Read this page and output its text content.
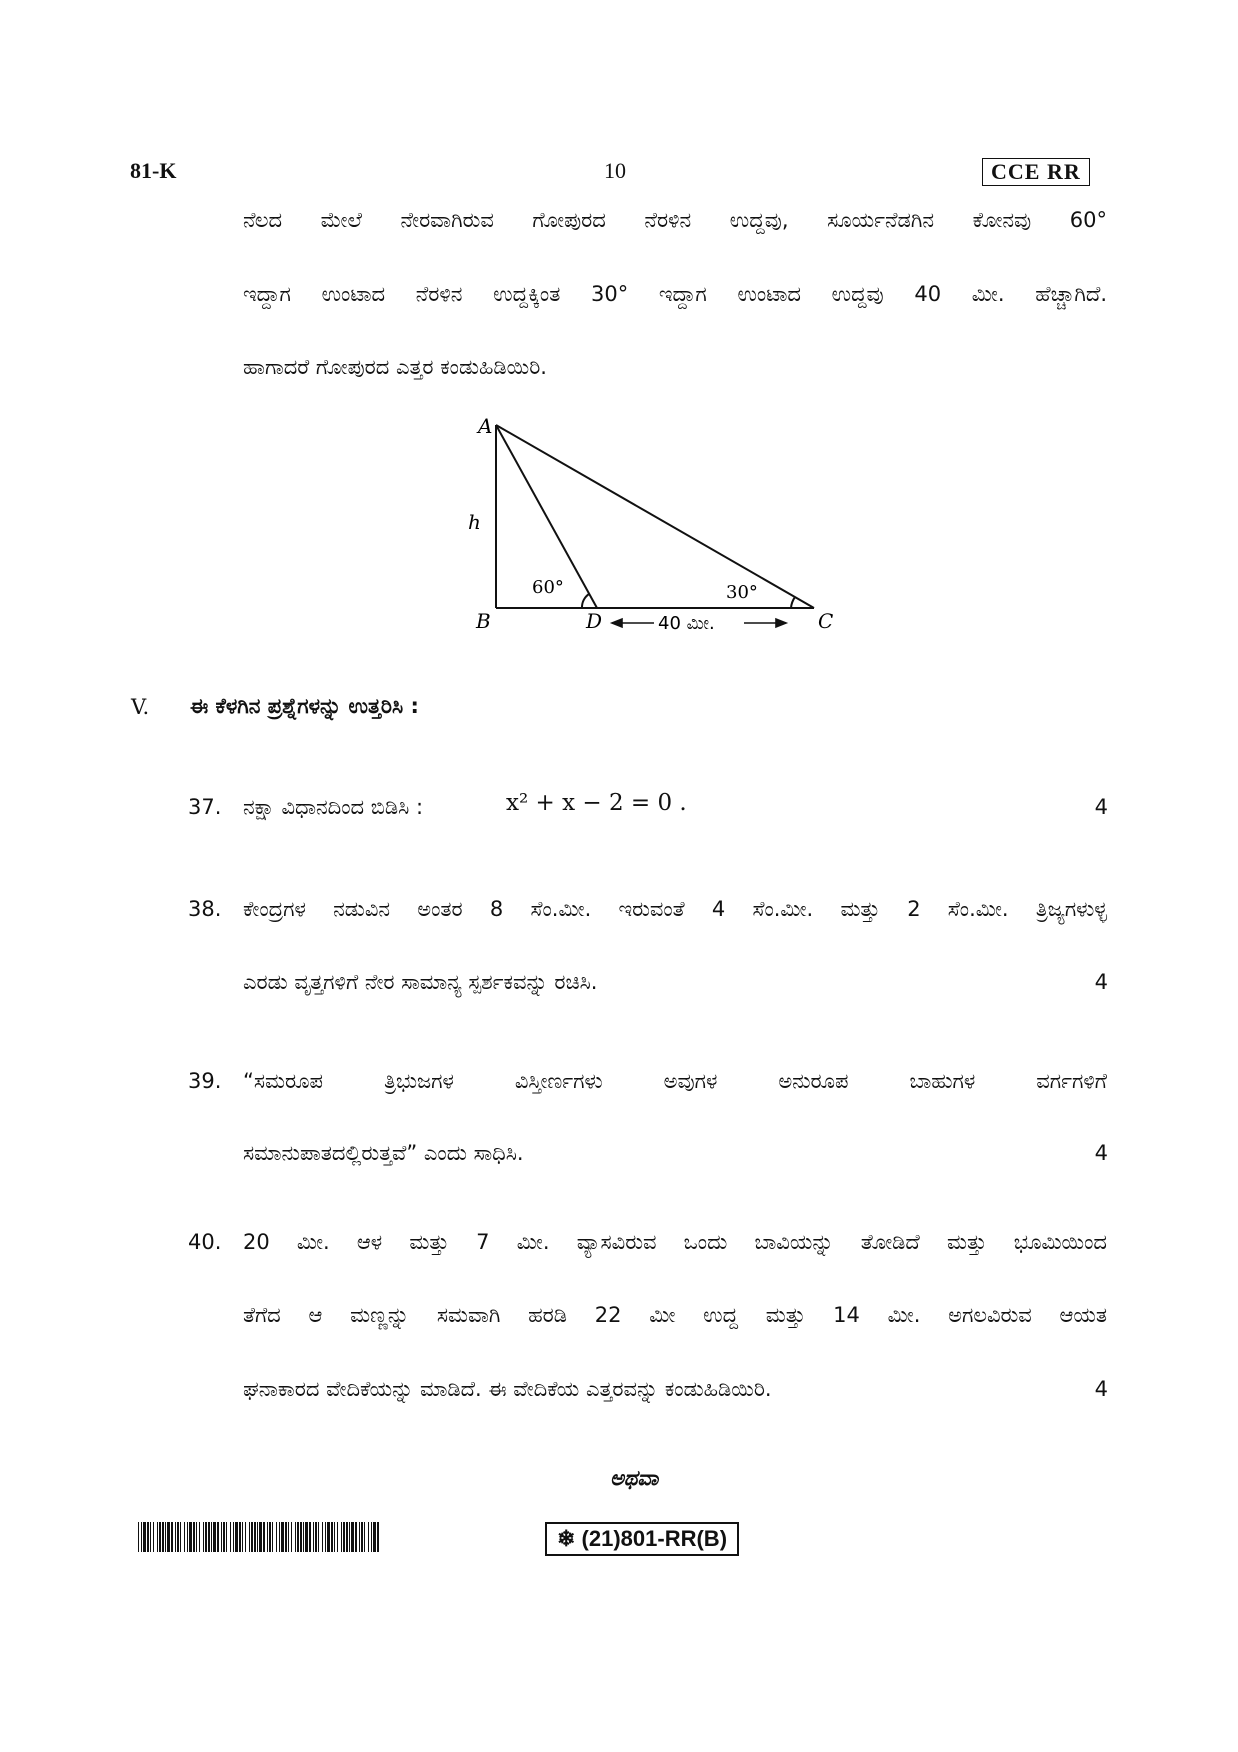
81-K	10	CCE RR
ನೆಲದ ಮೇಲೆ ನೇರವಾಗಿರುವ ಗೋಪುರದ ನೆರಳಿನ ಉದ್ದವು, ಸೂರ್ಯನೆಡಗಿನ ಕೋನವು 60°
ಇದ್ದಾಗ ಉಂಟಾದ ನೆರಳಿನ ಉದ್ದಕ್ಕಿಂತ 30° ಇದ್ದಾಗ ಉಂಟಾದ ಉದ್ದವು 40 ಮೀ. ಹೆಚ್ಚಾಗಿದೆ.
ಹಾಗಾದರೆ ಗೋಪುರದ ಎತ್ತರ ಕಂಡುಹಿಡಿಯಿರಿ.
A
B	C
D
h
60°	30°
40 ಮೀ.
V. ಈ ಕೆಳಗಿನ ಪ್ರಶ್ನೆಗಳನ್ನು ಉತ್ತರಿಸಿ :
37. ನಕ್ಷಾ ವಿಧಾನದಿಂದ ಬಿಡಿಸಿ :	x² + x − 2 = 0 .	4
38. ಕೇಂದ್ರಗಳ ನಡುವಿನ ಅಂತರ 8 ಸೆಂ.ಮೀ. ಇರುವಂತೆ 4 ಸೆಂ.ಮೀ. ಮತ್ತು 2 ಸೆಂ.ಮೀ. ತ್ರಿಜ್ಯಗಳುಳ್ಳ
ಎರಡು ವೃತ್ತಗಳಿಗೆ ನೇರ ಸಾಮಾನ್ಯ ಸ್ಪರ್ಶಕವನ್ನು ರಚಿಸಿ.	4
39. “ಸಮರೂಪ ತ್ರಿಭುಜಗಳ ವಿಸ್ತೀರ್ಣಗಳು ಅವುಗಳ ಅನುರೂಪ ಬಾಹುಗಳ ವರ್ಗಗಳಿಗೆ
ಸಮಾನುಪಾತದಲ್ಲಿರುತ್ತವೆ” ಎಂದು ಸಾಧಿಸಿ.	4
40. 20 ಮೀ. ಆಳ ಮತ್ತು 7 ಮೀ. ವ್ಯಾಸವಿರುವ ಒಂದು ಬಾವಿಯನ್ನು ತೋಡಿದೆ ಮತ್ತು ಭೂಮಿಯಿಂದ
ತೆಗೆದ ಆ ಮಣ್ಣನ್ನು ಸಮವಾಗಿ ಹರಡಿ 22 ಮೀ ಉದ್ದ ಮತ್ತು 14 ಮೀ. ಅಗಲವಿರುವ ಆಯತ
ಘನಾಕಾರದ ವೇದಿಕೆಯನ್ನು ಮಾಡಿದೆ. ಈ ವೇದಿಕೆಯ ಎತ್ತರವನ್ನು ಕಂಡುಹಿಡಿಯಿರಿ.	4
ಅಥವಾ
❄ (21)801-RR(B)
